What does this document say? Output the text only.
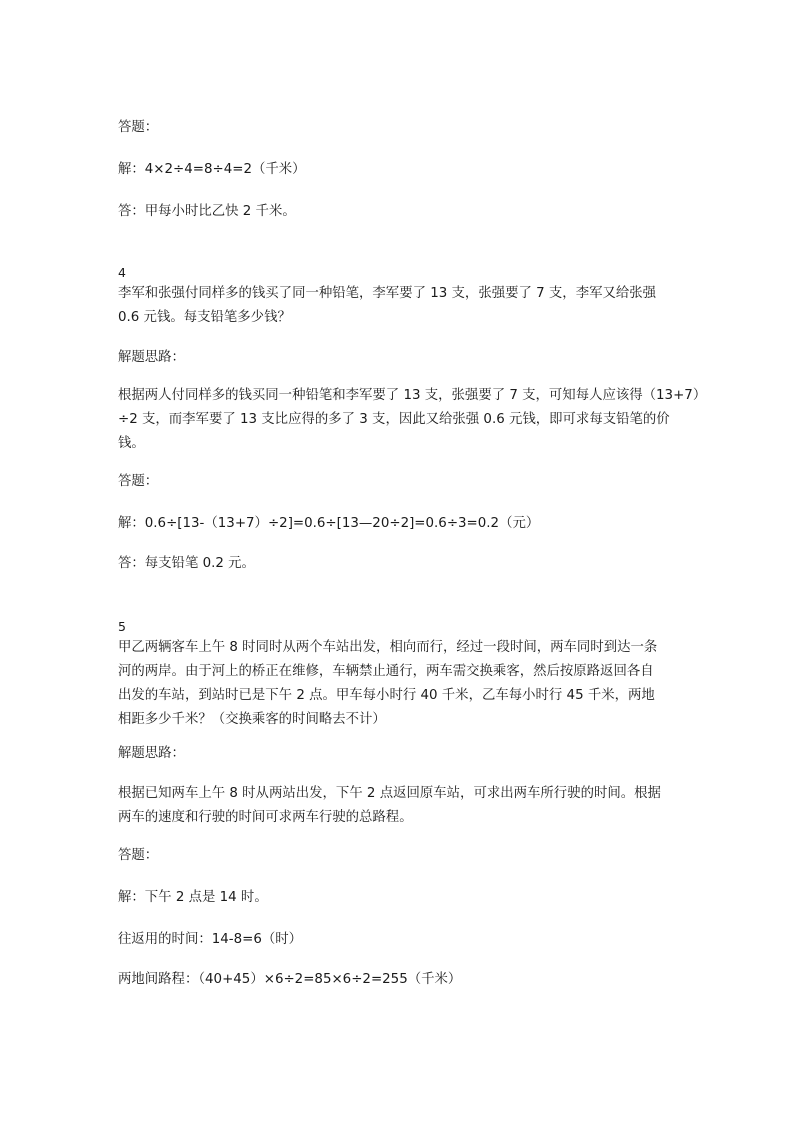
答题：
解：4×2÷4=8÷4=2（千米）
答：甲每小时比乙快 2 千米。
4
李军和张强付同样多的钱买了同一种铅笔，李军要了 13 支，张强要了 7 支，李军又给张强
0.6 元钱。每支铅笔多少钱？
解题思路：
根据两人付同样多的钱买同一种铅笔和李军要了 13 支，张强要了 7 支，可知每人应该得（13+7）
÷2 支，而李军要了 13 支比应得的多了 3 支，因此又给张强 0.6 元钱，即可求每支铅笔的价
钱。
答题：
解：0.6÷[13-（13+7）÷2]=0.6÷[13—20÷2]=0.6÷3=0.2（元）
答：每支铅笔 0.2 元。
5
甲乙两辆客车上午 8 时同时从两个车站出发，相向而行，经过一段时间，两车同时到达一条
河的两岸。由于河上的桥正在维修，车辆禁止通行，两车需交换乘客，然后按原路返回各自
出发的车站，到站时已是下午 2 点。甲车每小时行 40 千米，乙车每小时行 45 千米，两地
相距多少千米？（交换乘客的时间略去不计）
解题思路：
根据已知两车上午 8 时从两站出发，下午 2 点返回原车站，可求出两车所行驶的时间。根据
两车的速度和行驶的时间可求两车行驶的总路程。
答题：
解：下午 2 点是 14 时。
往返用的时间：14-8=6（时）
两地间路程：（40+45）×6÷2=85×6÷2=255（千米）
